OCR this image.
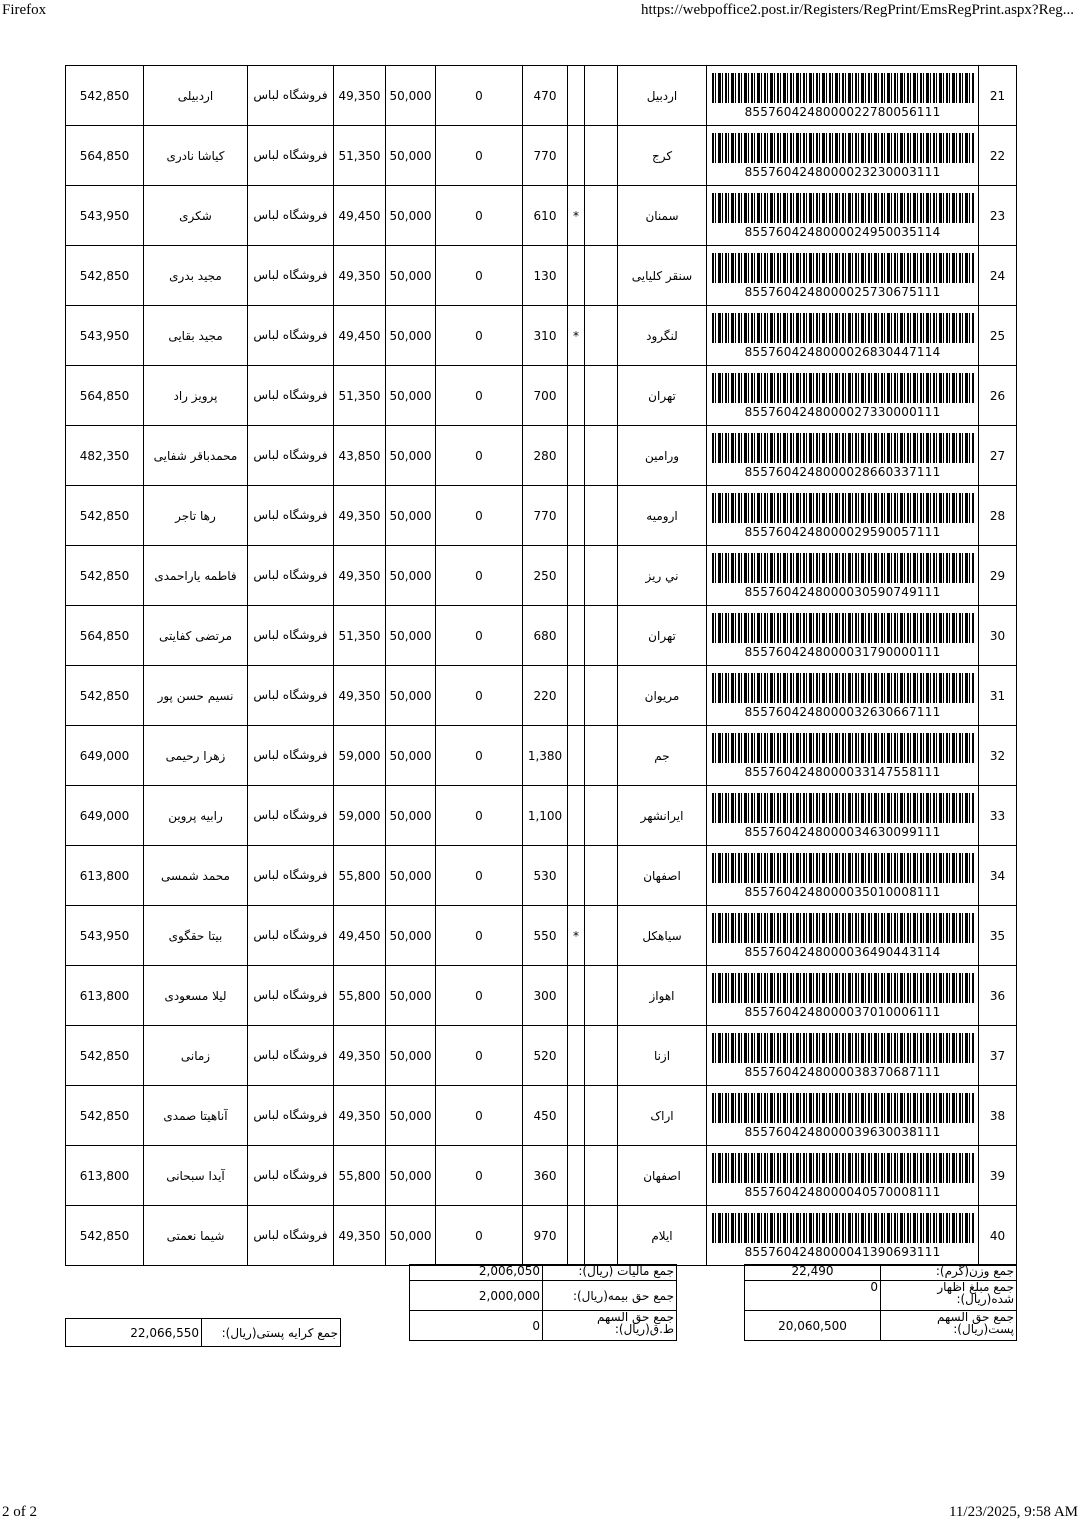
Firefox	https://webpoffice2.post.ir/Registers/RegPrint/EmsRegPrint.aspx?Reg...
542,850	اردبیلی	فروشگاه لباس	49,350	50,000	0	470			اردبیل	8557604248000022780056111	21
564,850	کیاشا نادری	فروشگاه لباس	51,350	50,000	0	770			کرج	8557604248000023230003111	22
543,950	شکری	فروشگاه لباس	49,450	50,000	0	610	*		سمنان	8557604248000024950035114	23
542,850	مجید بدری	فروشگاه لباس	49,350	50,000	0	130			سنقر کلیایی	8557604248000025730675111	24
543,950	مجید بقایی	فروشگاه لباس	49,450	50,000	0	310	*		لنگرود	8557604248000026830447114	25
564,850	پرویز راد	فروشگاه لباس	51,350	50,000	0	700			تهران	8557604248000027330000111	26
482,350	محمدباقر شفایی	فروشگاه لباس	43,850	50,000	0	280			ورامین	8557604248000028660337111	27
542,850	رها تاجر	فروشگاه لباس	49,350	50,000	0	770			ارومیه	8557604248000029590057111	28
542,850	فاطمه یاراحمدی	فروشگاه لباس	49,350	50,000	0	250			ني ريز	8557604248000030590749111	29
564,850	مرتضی کفایتی	فروشگاه لباس	51,350	50,000	0	680			تهران	8557604248000031790000111	30
542,850	نسیم حسن پور	فروشگاه لباس	49,350	50,000	0	220			مریوان	8557604248000032630667111	31
649,000	زهرا رحیمی	فروشگاه لباس	59,000	50,000	0	1,380			جم	8557604248000033147558111	32
649,000	رابیه پروین	فروشگاه لباس	59,000	50,000	0	1,100			ایرانشهر	8557604248000034630099111	33
613,800	محمد شمسی	فروشگاه لباس	55,800	50,000	0	530			اصفهان	8557604248000035010008111	34
543,950	بیتا حقگوی	فروشگاه لباس	49,450	50,000	0	550	*		سیاهکل	8557604248000036490443114	35
613,800	لیلا مسعودی	فروشگاه لباس	55,800	50,000	0	300			اهواز	8557604248000037010006111	36
542,850	زمانی	فروشگاه لباس	49,350	50,000	0	520			ازنا	8557604248000038370687111	37
542,850	آناهیتا صمدی	فروشگاه لباس	49,350	50,000	0	450			اراک	8557604248000039630038111	38
613,800	آیدا سبحانی	فروشگاه لباس	55,800	50,000	0	360			اصفهان	8557604248000040570008111	39
542,850	شیما نعمتی	فروشگاه لباس	49,350	50,000	0	970			ایلام	8557604248000041390693111	40
22,490	جمع وزن(گرم):
0	جمع مبلغ اظهار شده(ریال):
20,060,500	جمع حق السهم پست(ریال):
2,006,050	جمع مالیات (ریال):
2,000,000	جمع حق بیمه(ریال):
0	جمع حق السهم ط.ق(ریال):
22,066,550	جمع کرایه پستی(ریال):
2 of 2	11/23/2025, 9:58 AM
